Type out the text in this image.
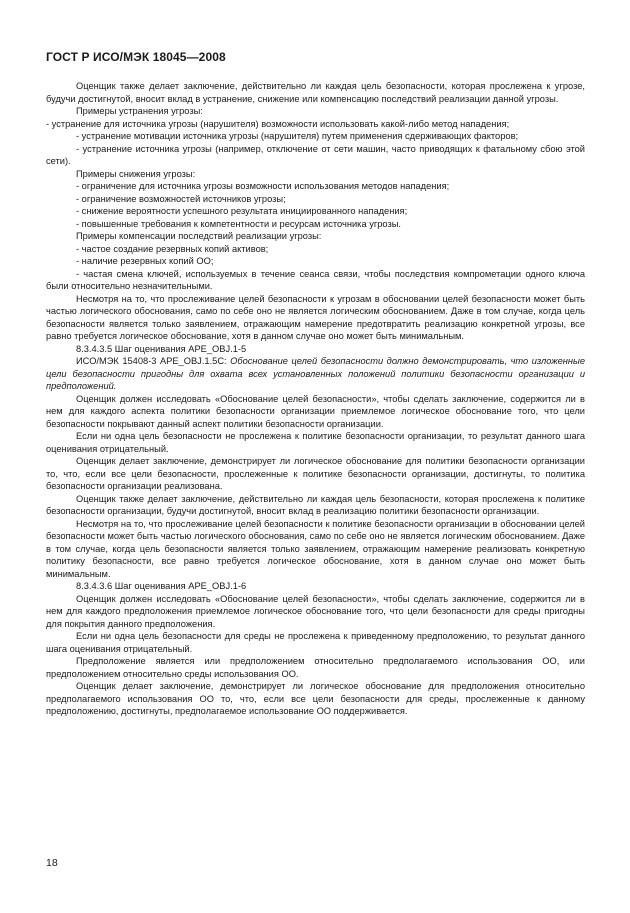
ГОСТ Р ИСО/МЭК 18045—2008

Оценщик также делает заключение, действительно ли каждая цель безопасности, которая прослежена к угрозе, будучи достигнутой, вносит вклад в устранение, снижение или компенсацию последствий реализации данной угрозы.

Примеры устранения угрозы:

- устранение для источника угрозы (нарушителя) возможности использовать какой-либо метод нападения;

- устранение мотивации источника угрозы (нарушителя) путем применения сдерживающих факторов;

- устранение источника угрозы (например, отключение от сети машин, часто приводящих к фатальному сбою этой сети).

Примеры снижения угрозы:

- ограничение для источника угрозы возможности использования методов нападения;

- ограничение возможностей источников угрозы;

- снижение вероятности успешного результата инициированного нападения;

- повышенные требования к компетентности и ресурсам источника угрозы.

Примеры компенсации последствий реализации угрозы:

- частое создание резервных копий активов;

- наличие резервных копий ОО;

- частая смена ключей, используемых в течение сеанса связи, чтобы последствия компрометации одного ключа были относительно незначительными.

Несмотря на то, что прослеживание целей безопасности к угрозам в обосновании целей безопасности может быть частью логического обоснования, само по себе оно не является логическим обоснованием. Даже в том случае, когда цель безопасности является только заявлением, отражающим намерение предотвратить реализацию конкретной угрозы, все равно требуется логическое обоснование, хотя в данном случае оно может быть минимальным.

8.3.4.3.5 Шаг оценивания APE_OBJ.1-5

ИСО/МЭК 15408-3 APE_OBJ.1.5C: Обоснование целей безопасности должно демонстрировать, что изложенные цели безопасности пригодны для охвата всех установленных положений политики безопасности организации и предположений.

Оценщик должен исследовать «Обоснование целей безопасности», чтобы сделать заключение, содержится ли в нем для каждого аспекта политики безопасности организации приемлемое логическое обоснование того, что цели безопасности покрывают данный аспект политики безопасности организации.

Если ни одна цель безопасности не прослежена к политике безопасности организации, то результат данного шага оценивания отрицательный.

Оценщик делает заключение, демонстрирует ли логическое обоснование для политики безопасности организации то, что, если все цели безопасности, прослеженные к политике безопасности организации, достигнуты, то политика безопасности организации реализована.

Оценщик также делает заключение, действительно ли каждая цель безопасности, которая прослежена к политике безопасности организации, будучи достигнутой, вносит вклад в реализацию политики безопасности организации.

Несмотря на то, что прослеживание целей безопасности к политике безопасности организации в обосновании целей безопасности может быть частью логического обоснования, само по себе оно не является логическим обоснованием. Даже в том случае, когда цель безопасности является только заявлением, отражающим намерение реализовать конкретную политику безопасности, все равно требуется логическое обоснование, хотя в данном случае оно может быть минимальным.

8.3.4.3.6 Шаг оценивания APE_OBJ.1-6

Оценщик должен исследовать «Обоснование целей безопасности», чтобы сделать заключение, содержится ли в нем для каждого предположения приемлемое логическое обоснование того, что цели безопасности для среды пригодны для покрытия данного предположения.

Если ни одна цель безопасности для среды не прослежена к приведенному предположению, то результат данного шага оценивания отрицательный.

Предположение является или предположением относительно предполагаемого использования ОО, или предположением относительно среды использования ОО.

Оценщик делает заключение, демонстрирует ли логическое обоснование для предположения относительно предполагаемого использования ОО то, что, если все цели безопасности для среды, прослеженные к данному предположению, достигнуты, предполагаемое использование ОО поддерживается.

18
